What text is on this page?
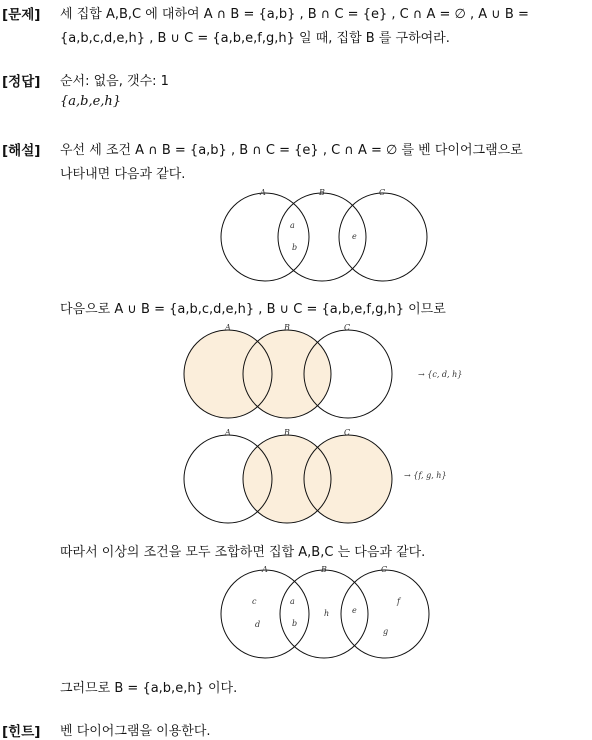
[문제] 세 집합 A,B,C 에 대하여 A ∩ B = {a,b} , B ∩ C = {e} , C ∩ A = ∅ , A ∪ B =
{a,b,c,d,e,h} , B ∪ C = {a,b,e,f,g,h} 일 때, 집합 B 를 구하여라.
[정답] 순서: 없음, 갯수: 1
{a,b,e,h}
[해설] 우선 세 조건 A ∩ B = {a,b} , B ∩ C = {e} , C ∩ A = ∅ 를 벤 다이어그램으로
나타내면 다음과 같다.
A	B	C
a
b
e
다음으로 A ∪ B = {a,b,c,d,e,h} , B ∪ C = {a,b,e,f,g,h} 이므로
A	B	C
→ {c, d, h}
A	B	C
→ {f, g, h}
따라서 이상의 조건을 모두 조합하면 집합 A,B,C 는 다음과 같다.
A	B	C
c
d
a
b
h	e
f
g
그러므로 B = {a,b,e,h} 이다.
[힌트] 벤 다이어그램을 이용한다.
